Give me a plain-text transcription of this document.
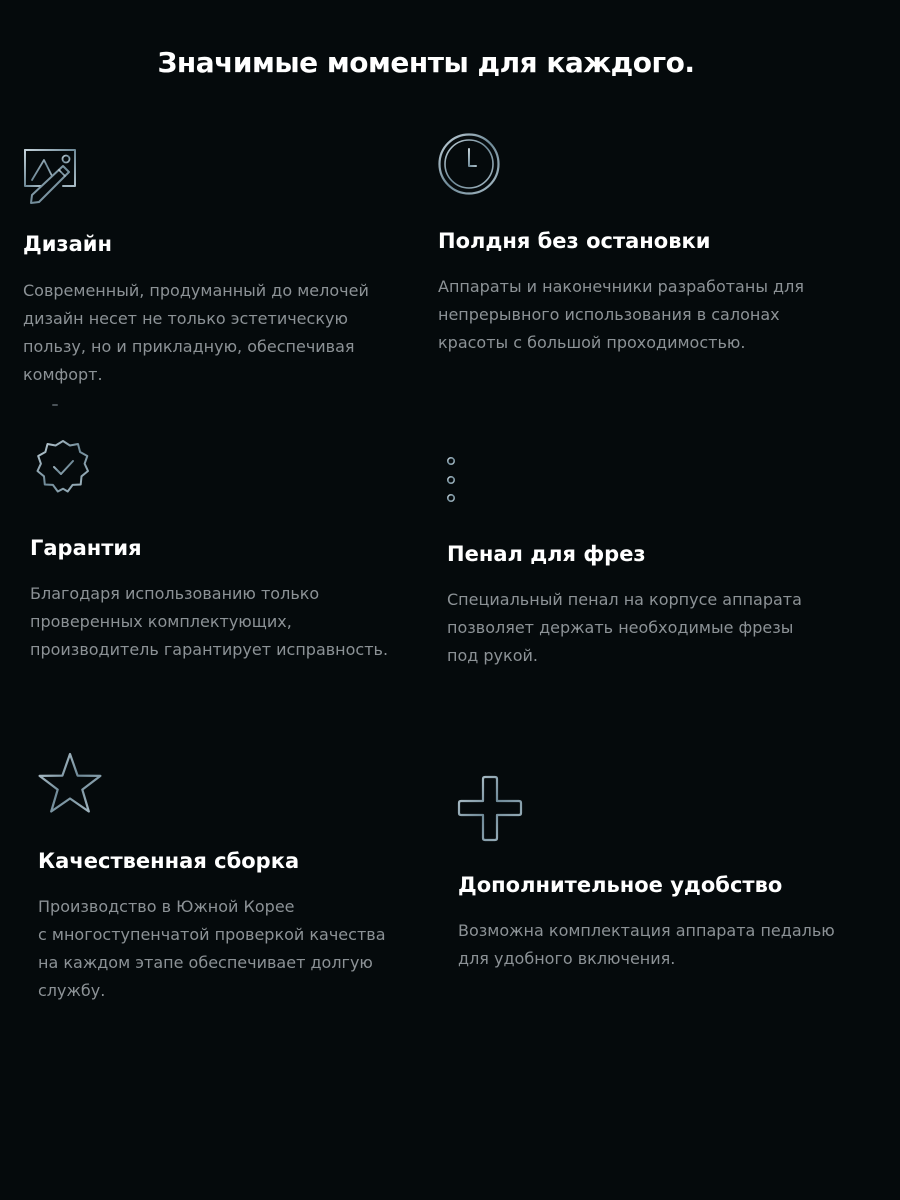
Значимые моменты для каждого.
Дизайн
Современный, продуманный до мелочей
дизайн несет не только эстетическую
пользу, но и прикладную, обеспечивая
комфорт.
Полдня без остановки
Аппараты и наконечники разработаны для
непрерывного использования в салонах
красоты с большой проходимостью.
Гарантия
Благодаря использованию только
проверенных комплектующих,
производитель гарантирует исправность.
Пенал для фрез
Специальный пенал на корпусе аппарата
позволяет держать необходимые фрезы
под рукой.
Качественная сборка
Производство в Южной Корее
с многоступенчатой проверкой качества
на каждом этапе обеспечивает долгую
службу.
Дополнительное удобство
Возможна комплектация аппарата педалью
для удобного включения.
